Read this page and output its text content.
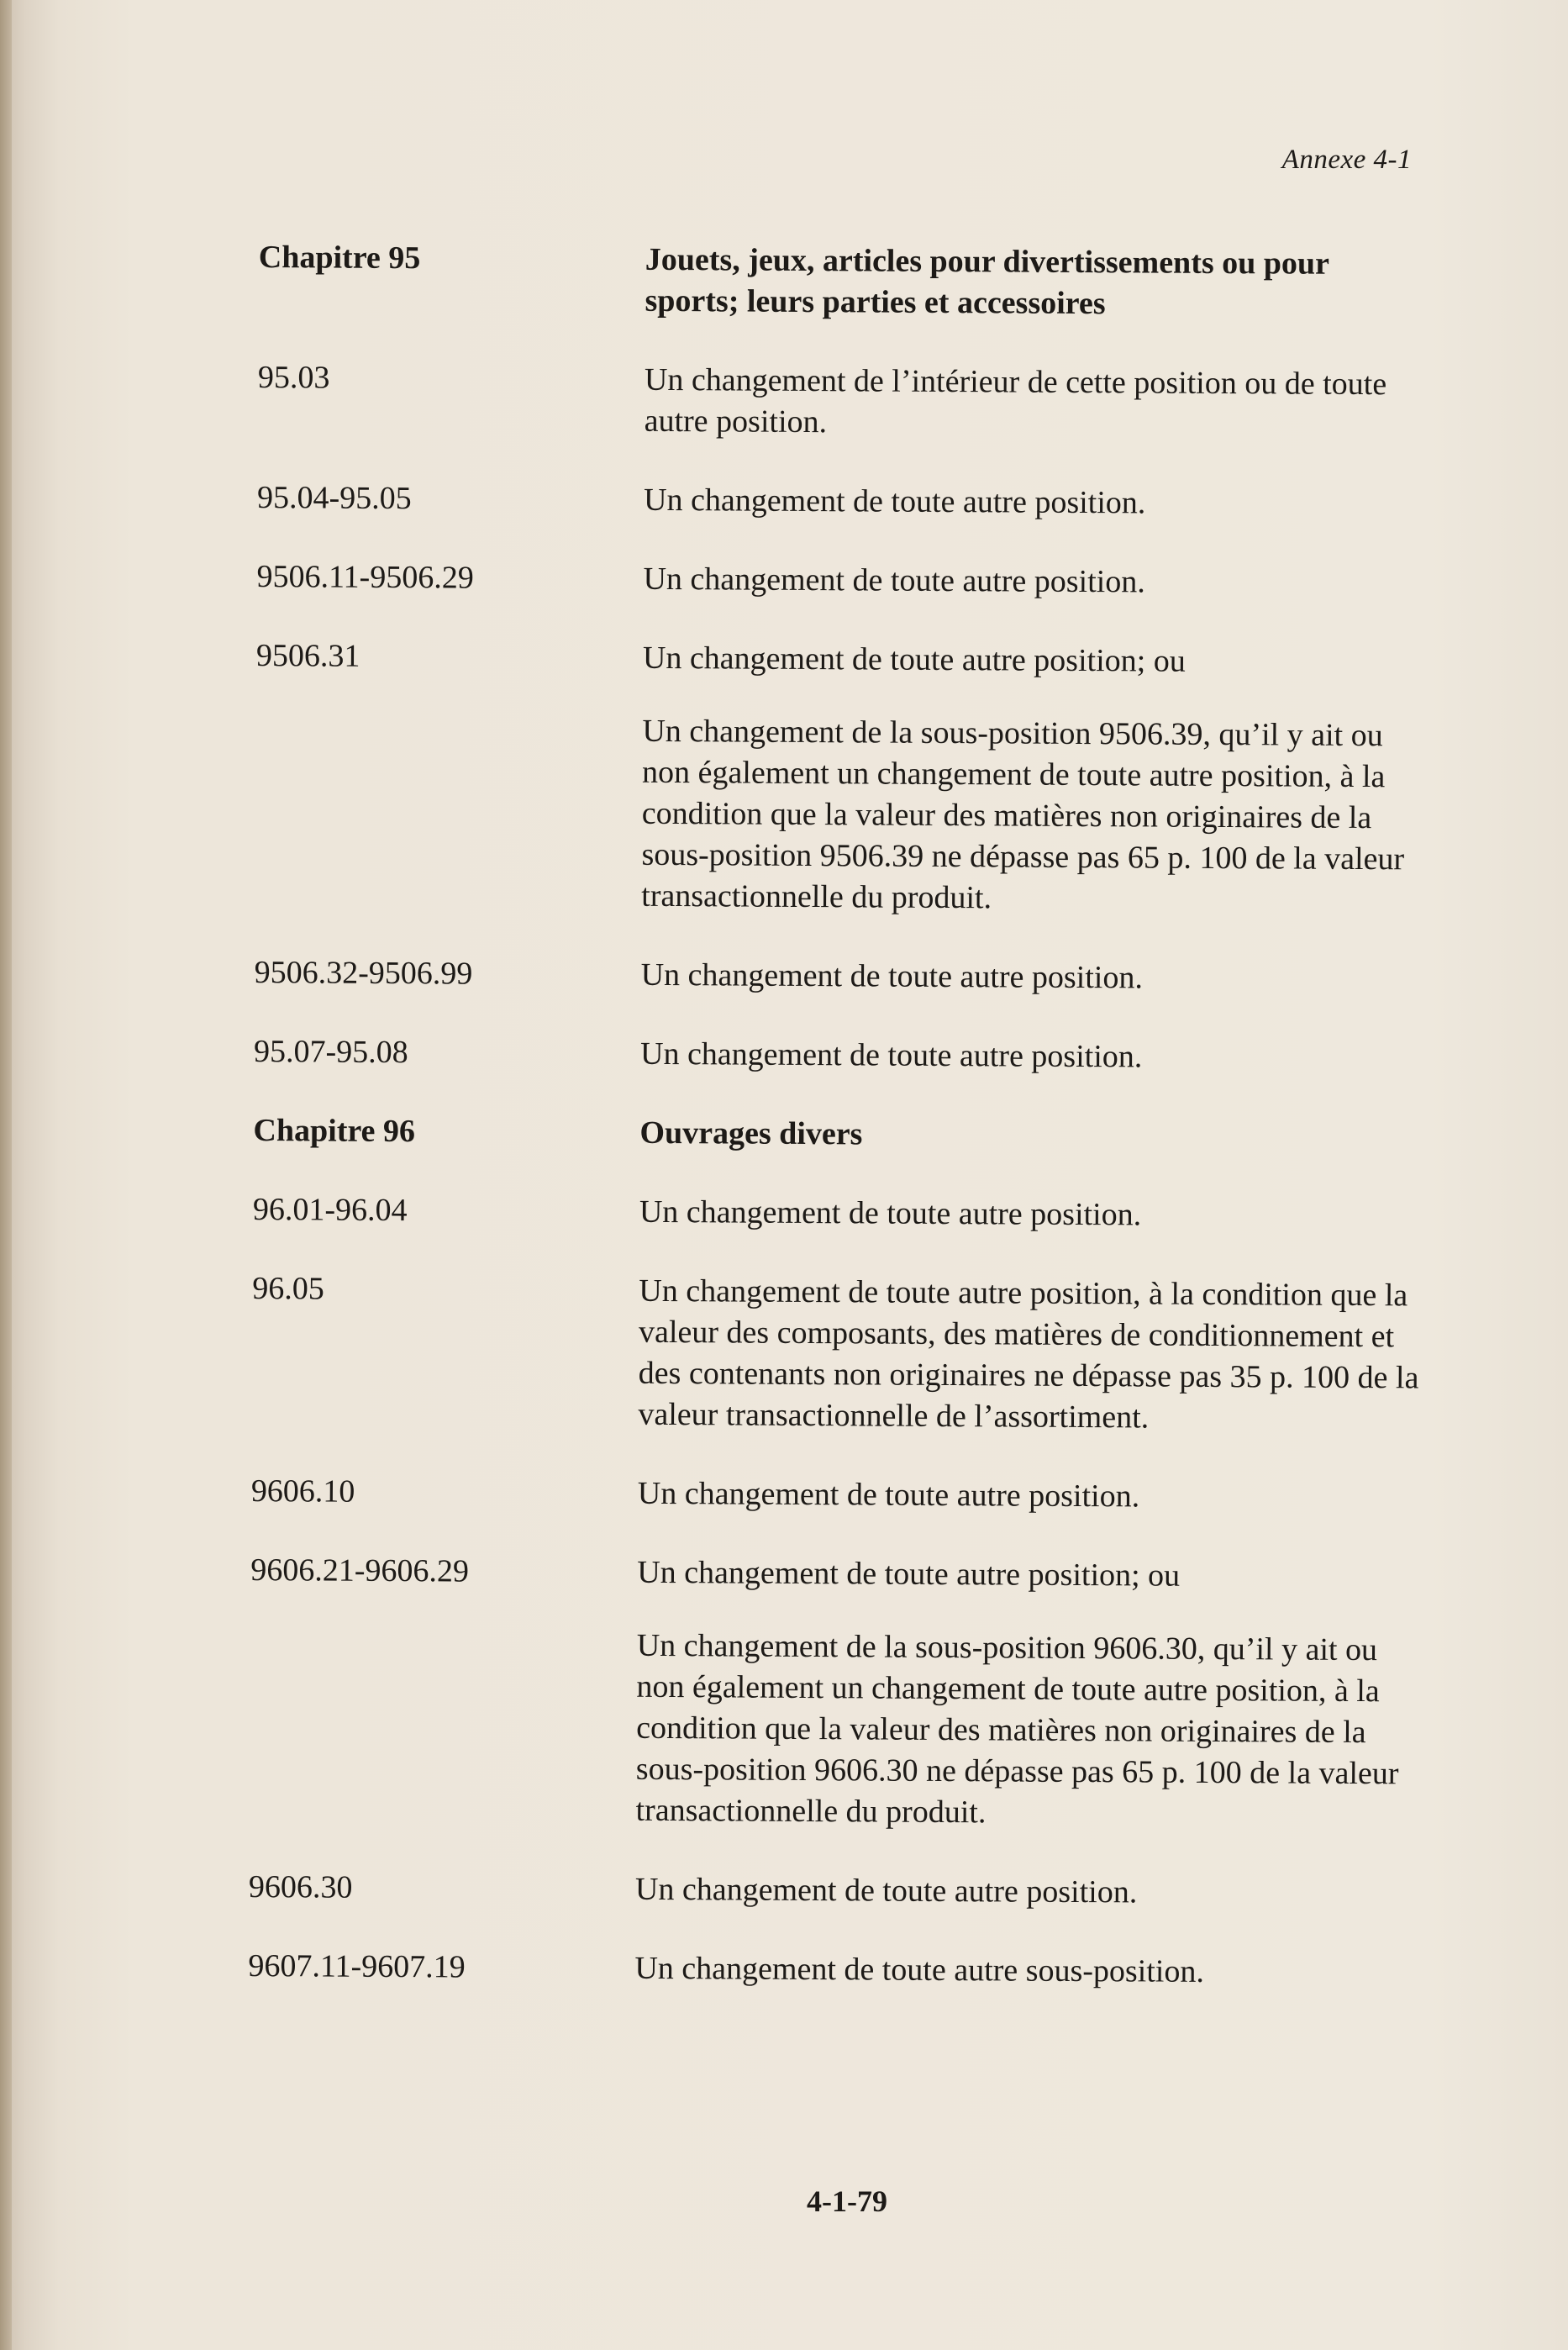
Annexe 4-1
Chapitre 95	Jouets, jeux, articles pour divertissements ou pour sports; leurs parties et accessoires
95.03	Un changement de l’intérieur de cette position ou de toute autre position.
95.04-95.05	Un changement de toute autre position.
9506.11-9506.29	Un changement de toute autre position.
9506.31	Un changement de toute autre position; ou
Un changement de la sous-position 9506.39, qu’il y ait ou non également un changement de toute autre position, à la condition que la valeur des matières non originaires de la sous-position 9506.39 ne dépasse pas 65 p. 100 de la valeur transactionnelle du produit.
9506.32-9506.99	Un changement de toute autre position.
95.07-95.08	Un changement de toute autre position.
Chapitre 96	Ouvrages divers
96.01-96.04	Un changement de toute autre position.
96.05	Un changement de toute autre position, à la condition que la valeur des composants, des matières de conditionnement et des contenants non originaires ne dépasse pas 35 p. 100 de la valeur transactionnelle de l’assortiment.
9606.10	Un changement de toute autre position.
9606.21-9606.29	Un changement de toute autre position; ou
Un changement de la sous-position 9606.30, qu’il y ait ou non également un changement de toute autre position, à la condition que la valeur des matières non originaires de la sous-position 9606.30 ne dépasse pas 65 p. 100 de la valeur transactionnelle du produit.
9606.30	Un changement de toute autre position.
9607.11-9607.19	Un changement de toute autre sous-position.
4-1-79
